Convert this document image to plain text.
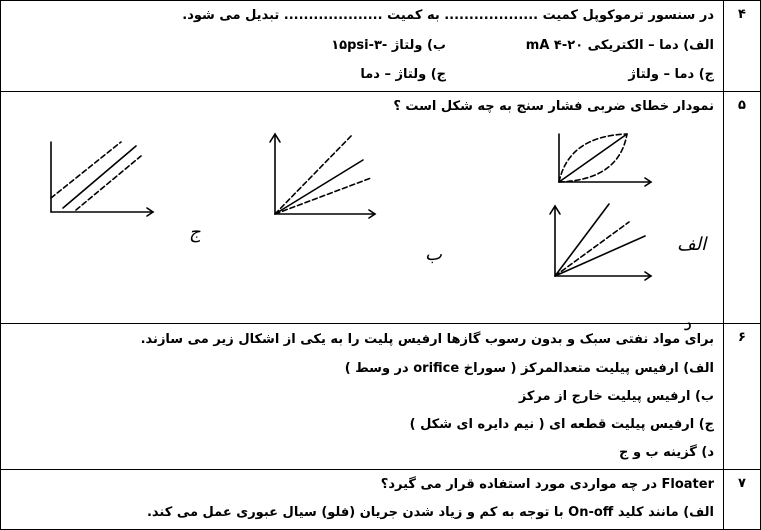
۴
در سنسور ترموکوپل کمیت ................... به کمیت .................... تبدیل می شود.
الف) دما – الکتریکی ۲۰-۴ mA
ب) ولتاژ -۱۵psi-۳
ج) دما – ولتاژ
ج) ولتاژ – دما
۵
نمودار خطای ضربی فشار سنج به چه شکل است ؟
ج
ب	الف
د
۶
برای مواد نفتی سبک و بدون رسوب گازها ارفیس پلیت را به یکی از اشکال زیر می سازند.
الف) ارفیس پیلیت متعدالمرکز ( سوراخ orifice در وسط )
ب) ارفیس پیلیت خارج از مرکز
ج) ارفیس پیلیت قطعه ای ( نیم دایره ای شکل )
د) گزینه ب و ج
۷
Floater در چه مواردی مورد استفاده قرار می گیرد؟
الف) مانند کلید On-off با توجه به کم و زیاد شدن جریان (فلو) سیال عبوری عمل می کند.
